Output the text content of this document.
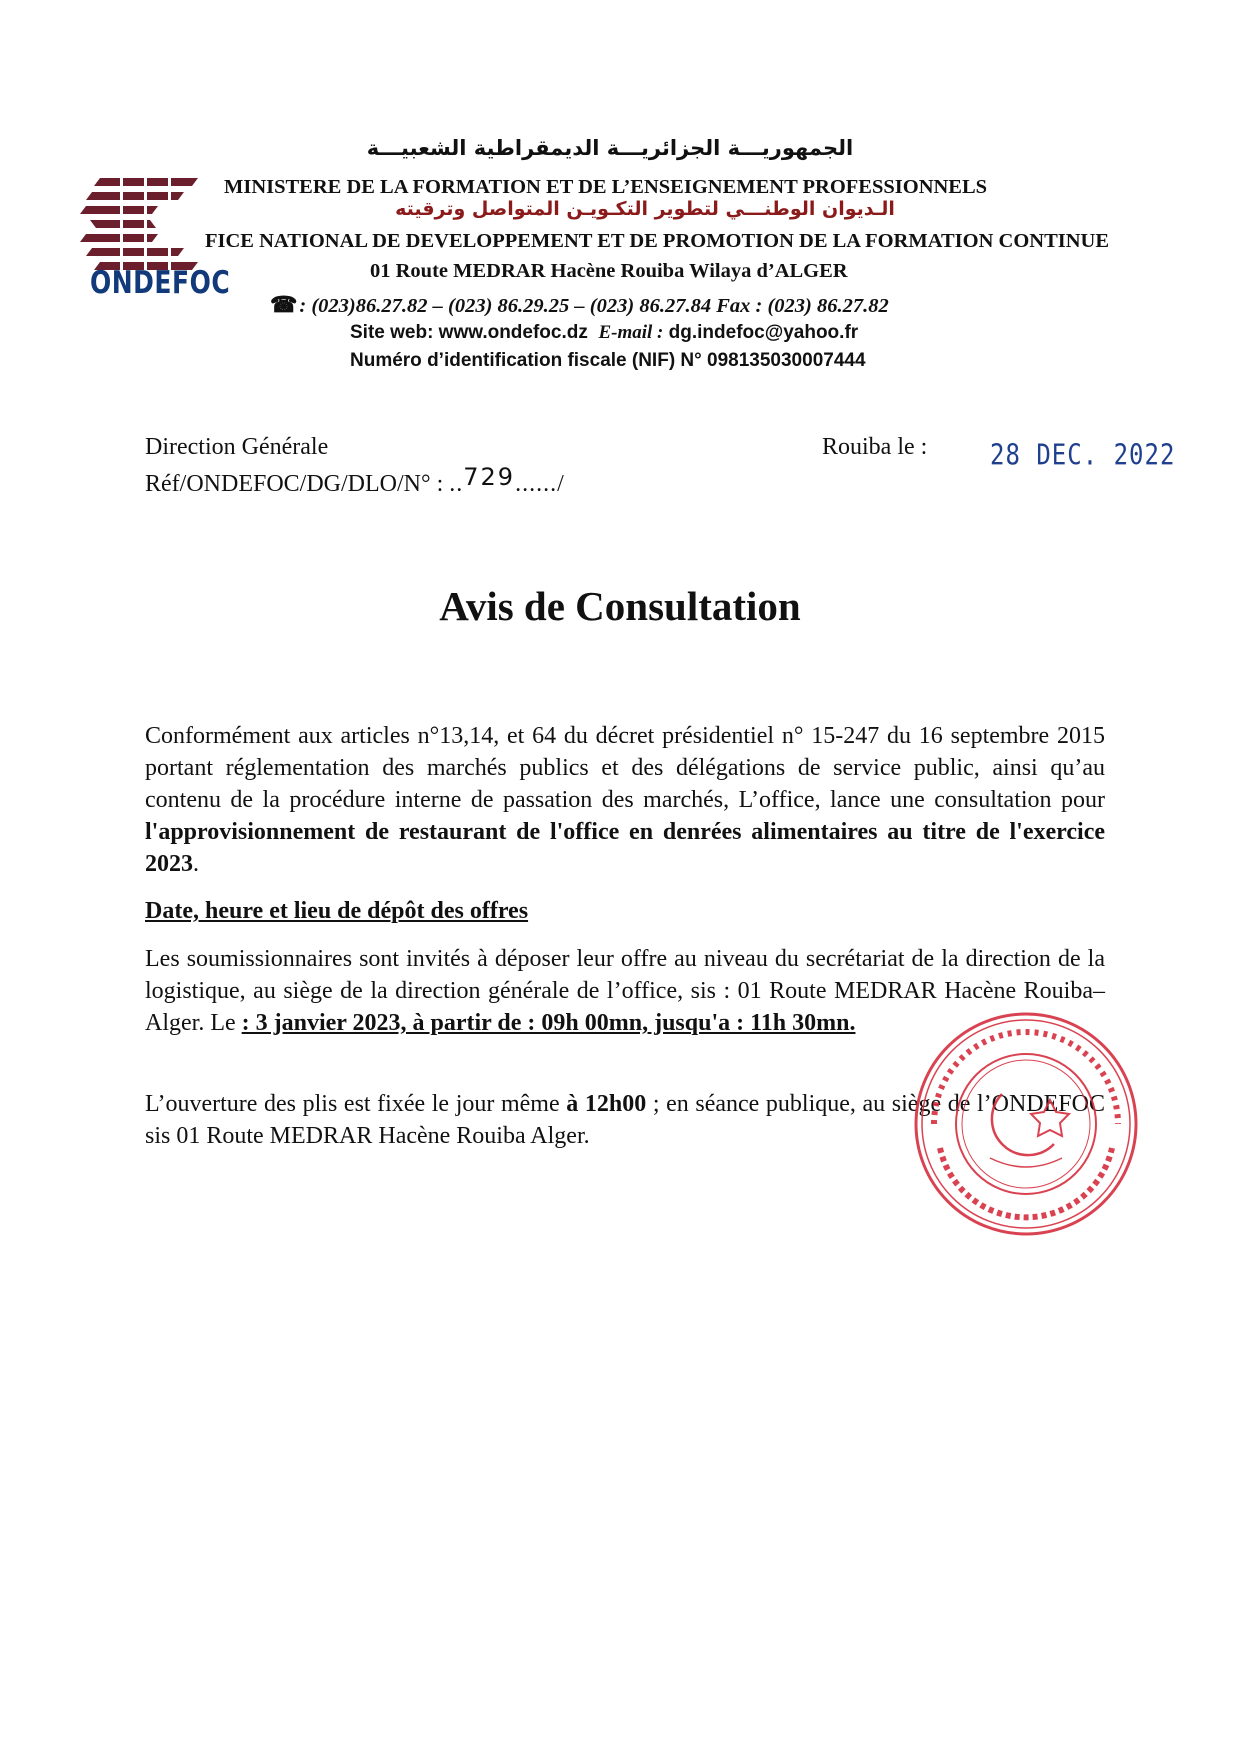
ONDEFOC
الجمهوريـــة الجزائريـــة الديمقراطية الشعبيـــة
MINISTERE DE LA FORMATION ET DE L’ENSEIGNEMENT PROFESSIONNELS
الـديوان الوطنـــي لتطوير التكـويـن المتواصل وترقيته
FICE NATIONAL DE DEVELOPPEMENT ET DE PROMOTION DE LA FORMATION CONTINUE
01 Route MEDRAR Hacène Rouiba Wilaya d’ALGER
☎: (023)86.27.82 – (023) 86.29.25 – (023) 86.27.84 Fax : (023) 86.27.82
Site web: www.ondefoc.dz E-mail : dg.indefoc@yahoo.fr
Numéro d’identification fiscale (NIF) N° 098135030007444
Direction Générale
Réf/ONDEFOC/DG/DLO/N° : ..729....../
Rouiba le :	28 DEC. 2022
Avis de Consultation
Conformément aux articles n°13,14, et 64 du décret présidentiel n° 15-247 du 16 septembre 2015 portant réglementation des marchés publics et des délégations de service public, ainsi qu’au contenu de la procédure interne de passation des marchés, L’office, lance une consultation pour l'approvisionnement de restaurant de l'office en denrées alimentaires au titre de l'exercice 2023.
Date, heure et lieu de dépôt des offres
Les soumissionnaires sont invités à déposer leur offre au niveau du secrétariat de la direction de la logistique, au siège de la direction générale de l’office, sis : 01 Route MEDRAR Hacène Rouiba–Alger. Le : 3 janvier 2023, à partir de : 09h 00mn, jusqu'a : 11h 30mn.
L’ouverture des plis est fixée le jour même à 12h00 ; en séance publique, au siège de l’ONDEFOC sis 01 Route MEDRAR Hacène Rouiba Alger.
